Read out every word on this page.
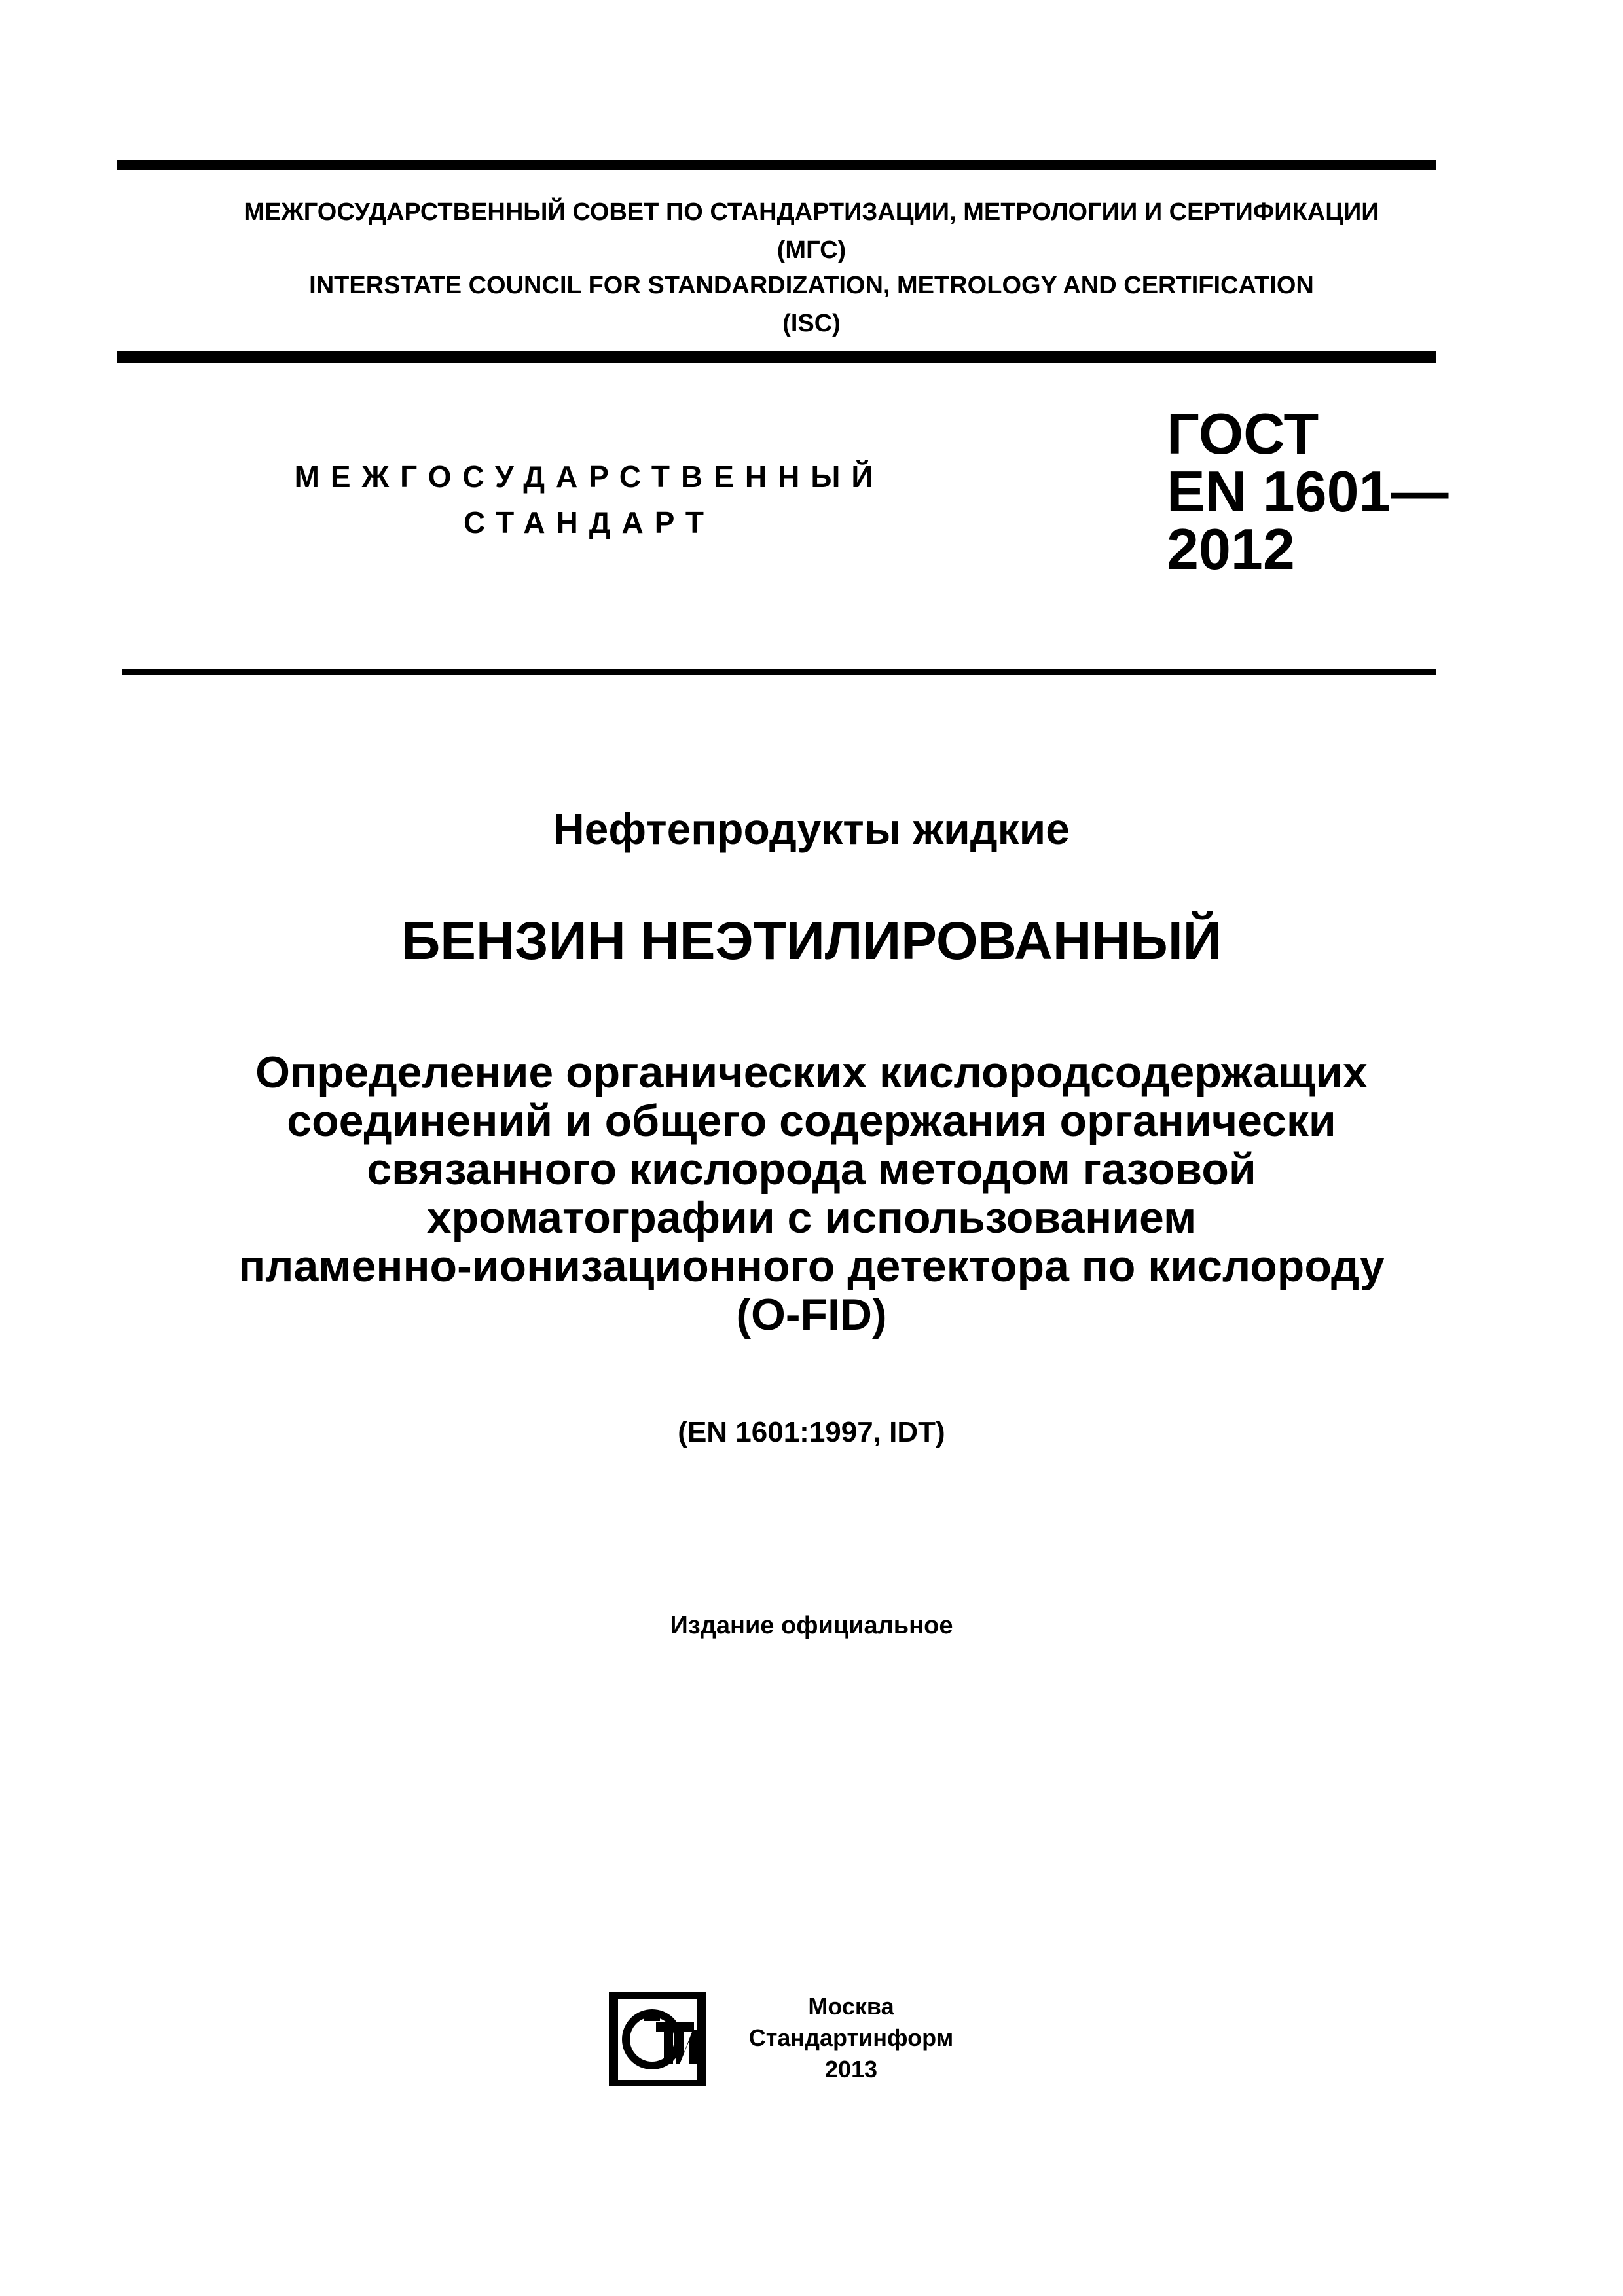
МЕЖГОСУДАРСТВЕННЫЙ СОВЕТ ПО СТАНДАРТИЗАЦИИ, МЕТРОЛОГИИ И СЕРТИФИКАЦИИ
(МГС)
INTERSTATE COUNCIL FOR STANDARDIZATION, METROLOGY AND CERTIFICATION
(ISC)
МЕЖГОСУДАРСТВЕННЫЙ
СТАНДАРТ
ГОСТ
EN 1601—
2012
Нефтепродукты жидкие
БЕНЗИН НЕЭТИЛИРОВАННЫЙ
Определение органических кислородсодержащих
соединений и общего содержания органически
связанного кислорода методом газовой
хроматографии с использованием
пламенно-ионизационного детектора по кислороду
(O-FID)
(EN 1601:1997, IDT)
Издание официальное
Москва
Стандартинформ
2013
